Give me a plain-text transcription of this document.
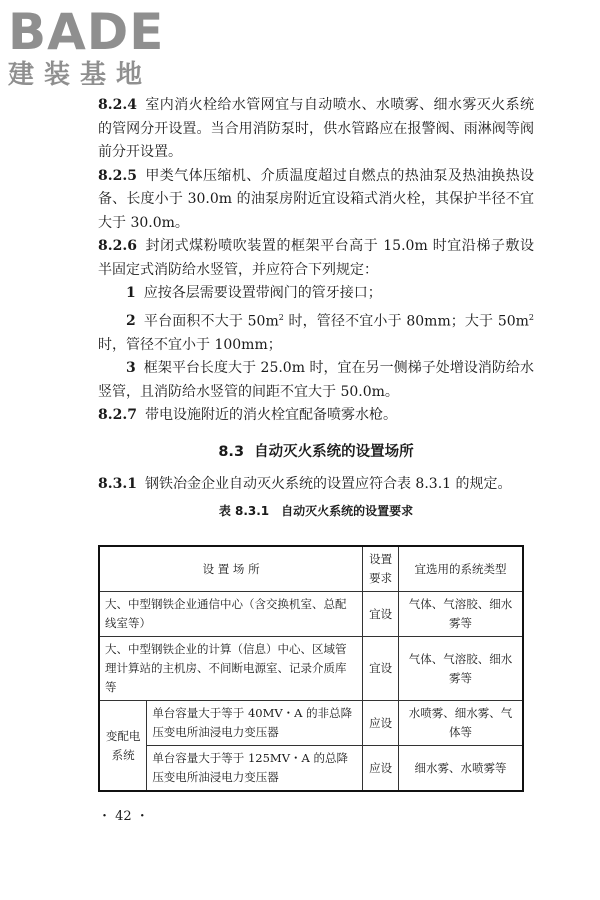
BADE
建装基地

8.2.4 室内消火栓给水管网宜与自动喷水、水喷雾、细水雾灭火系统的管网分开设置。当合用消防泵时，供水管路应在报警阀、雨淋阀等阀前分开设置。

8.2.5 甲类气体压缩机、介质温度超过自燃点的热油泵及热油换热设备、长度小于 30.0m 的油泵房附近宜设箱式消火栓，其保护半径不宜大于 30.0m。

8.2.6 封闭式煤粉喷吹装置的框架平台高于 15.0m 时宜沿梯子敷设半固定式消防给水竖管，并应符合下列规定：

1 应按各层需要设置带阀门的管牙接口；

2 平台面积不大于 $50m^2$ 时，管径不宜小于 80mm；大于 $50m^2$ 时，管径不宜小于 100mm；

3 框架平台长度大于 25.0m 时，宜在另一侧梯子处增设消防给水竖管，且消防给水竖管的间距不宜大于 50.0m。

8.2.7 带电设施附近的消火栓宜配备喷雾水枪。

8.3 自动灭火系统的设置场所

8.3.1 钢铁冶金企业自动灭火系统的设置应符合表 8.3.1 的规定。

表 8.3.1　自动灭火系统的设置要求
设 置 场 所		设置要求	宜选用的系统类型
大、中型钢铁企业通信中心（含交换机室、总配线室等）		宜设	气体、气溶胶、细水雾等
大、中型钢铁企业的计算（信息）中心、区域管理计算站的主机房、不间断电源室、记录介质库等		宜设	气体、气溶胶、细水雾等
变配电系统	单台容量大于等于 40MV・A 的非总降压变电所油浸电力变压器	应设	水喷雾、细水雾、气体等
	单台容量大于等于 125MV・A 的总降压变电所油浸电力变压器	应设	细水雾、水喷雾等
・ 42 ・
